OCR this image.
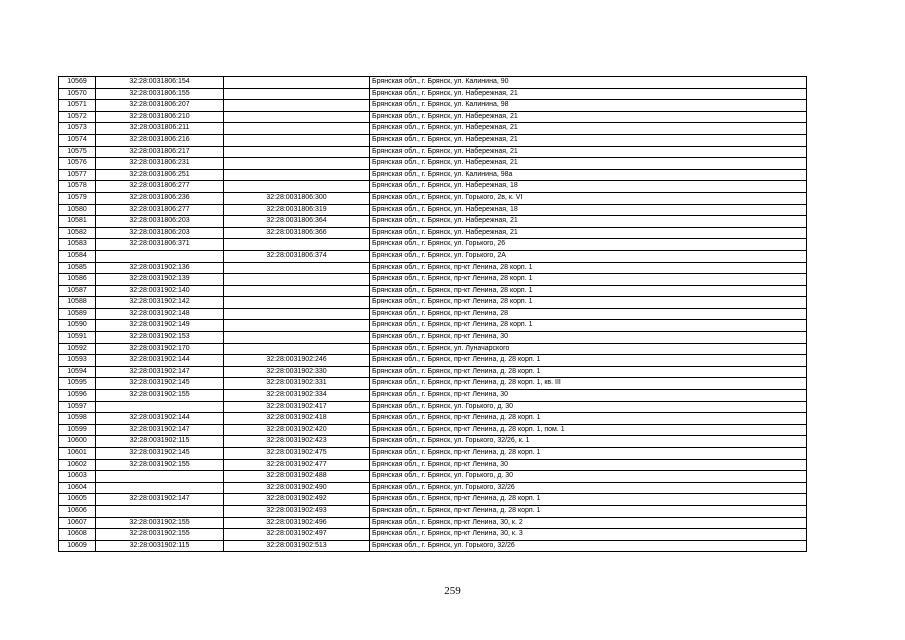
10569	32:28:0031806:154		Брянская обл., г. Брянск, ул. Калинина, 90
10570	32:28:0031806:155		Брянская обл., г. Брянск, ул. Набережная, 21
10571	32:28:0031806:207		Брянская обл., г. Брянск, ул. Калинина, 98
10572	32:28:0031806:210		Брянская обл., г. Брянск, ул. Набережная, 21
10573	32:28:0031806:211		Брянская обл., г. Брянск, ул. Набережная, 21
10574	32:28:0031806:216		Брянская обл., г. Брянск, ул. Набережная, 21
10575	32:28:0031806:217		Брянская обл., г. Брянск, ул. Набережная, 21
10576	32:28:0031806:231		Брянская обл., г. Брянск, ул. Набережная, 21
10577	32:28:0031806:251		Брянская обл., г. Брянск, ул. Калинина, 98а
10578	32:28:0031806:277		Брянская обл., г. Брянск, ул. Набережная, 18
10579	32:28:0031806:236	32:28:0031806:300	Брянская обл., г. Брянск, ул. Горького, 2в, к. VI
10580	32:28:0031806:277	32:28:0031806:319	Брянская обл., г. Брянск, ул. Набережная, 18
10581	32:28:0031806:203	32:28:0031806:364	Брянская обл., г. Брянск, ул. Набережная, 21
10582	32:28:0031806:203	32:28:0031806:366	Брянская обл., г. Брянск, ул. Набережная, 21
10583	32:28:0031806:371		Брянская обл., г. Брянск, ул. Горького, 26
10584		32:28:0031806:374	Брянская обл., г. Брянск, ул. Горького, 2А
10585	32:28:0031902:136		Брянская обл., г. Брянск, пр-кт Ленина, 28 корп. 1
10586	32:28:0031902:139		Брянская обл., г. Брянск, пр-кт Ленина, 28 корп. 1
10587	32:28:0031902:140		Брянская обл., г. Брянск, пр-кт Ленина, 28 корп. 1
10588	32:28:0031902:142		Брянская обл., г. Брянск, пр-кт Ленина, 28 корп. 1
10589	32:28:0031902:148		Брянская обл., г. Брянск, пр-кт Ленина, 28
10590	32:28:0031902:149		Брянская обл., г. Брянск, пр-кт Ленина, 28 корп. 1
10591	32:28:0031902:153		Брянская обл., г. Брянск, пр-кт Ленина, 30
10592	32:28:0031902:170		Брянская обл., г. Брянск, ул. Луначарского
10593	32:28:0031902:144	32:28:0031902:246	Брянская обл., г. Брянск, пр-кт Ленина, д. 28 корп. 1
10594	32:28:0031902:147	32:28:0031902:330	Брянская обл., г. Брянск, пр-кт Ленина, д. 28 корп. 1
10595	32:28:0031902:145	32:28:0031902:331	Брянская обл., г. Брянск, пр-кт Ленина, д. 28 корп. 1, кв. III
10596	32:28:0031902:155	32:28:0031902:334	Брянская обл., г. Брянск, пр-кт Ленина, 30
10597		32:28:0031902:417	Брянская обл., г. Брянск, ул. Горького, д. 30
10598	32:28:0031902:144	32:28:0031902:418	Брянская обл., г. Брянск, пр-кт Ленина, д. 28 корп. 1
10599	32:28:0031902:147	32:28:0031902:420	Брянская обл., г. Брянск, пр-кт Ленина, д. 28 корп. 1, пом. 1
10600	32:28:0031902:115	32:28:0031902:423	Брянская обл., г. Брянск, ул. Горького, 32/26, к. 1
10601	32:28:0031902:145	32:28:0031902:475	Брянская обл., г. Брянск, пр-кт Ленина, д. 28 корп. 1
10602	32:28:0031902:155	32:28:0031902:477	Брянская обл., г. Брянск, пр-кт Ленина, 30
10603		32:28:0031902:488	Брянская обл., г. Брянск, ул. Горького, д. 30
10604		32:28:0031902:490	Брянская обл., г. Брянск, ул. Горького, 32/26
10605	32:28:0031902:147	32:28:0031902:492	Брянская обл., г. Брянск, пр-кт Ленина, д. 28 корп. 1
10606		32:28:0031902:493	Брянская обл., г. Брянск, пр-кт Ленина, д. 28 корп. 1
10607	32:28:0031902:155	32:28:0031902:496	Брянская обл., г. Брянск, пр-кт Ленина, 30, к. 2
10608	32:28:0031902:155	32:28:0031902:497	Брянская обл., г. Брянск, пр-кт Ленина, 30, к. 3
10609	32:28:0031902:115	32:28:0031902:513	Брянская обл., г. Брянск, ул. Горького, 32/26
259
